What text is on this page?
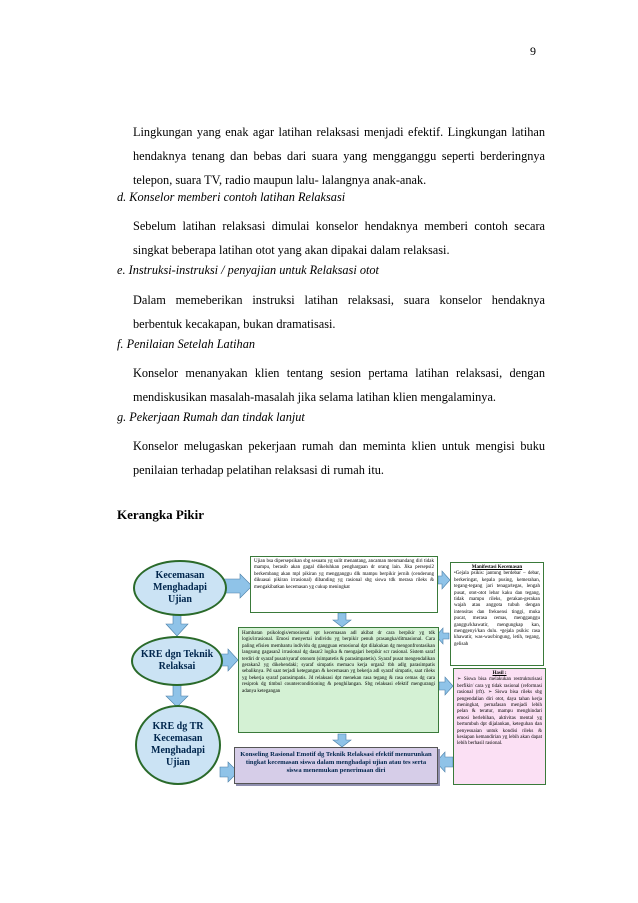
9
Lingkungan yang enak agar latihan relaksasi menjadi efektif. Lingkungan latihan hendaknya tenang dan bebas dari suara yang mengganggu seperti berderingnya telepon, suara TV, radio maupun lalu- lalangnya anak-anak.
d. Konselor memberi contoh latihan Relaksasi
Sebelum latihan relaksasi dimulai konselor hendaknya memberi contoh secara singkat beberapa latihan otot yang akan dipakai dalam relaksasi.
e. Instruksi-instruksi / penyajian untuk Relaksasi otot
Dalam memeberikan instruksi latihan relaksasi, suara konselor hendaknya berbentuk kecakapan, bukan dramatisasi.
f. Penilaian Setelah Latihan
Konselor menanyakan klien tentang sesion pertama latihan relaksasi, dengan mendiskusikan masalah-masalah jika selama latihan klien mengalaminya.
g. Pekerjaan Rumah dan tindak lanjut
Konselor melugaskan pekerjaan rumah dan meminta klien untuk mengisi buku penilaian terhadap pelatihan relaksasi di rumah itu.
Kerangka Pikir
Kecemasan Menghadapi Ujian
KRE dgn Teknik Relaksai
KRE dg TR Kecemasan Menghadapi Ujian
Ujian bsa dipersepsikan sbg sesuatu yg sulit menantang, ancaman menmandang diri tidak mampu, berasib akan gagal dikeluhkan penghargaan dr orang lain. Jika persepsi2 berkembang akan mpl pikiran yg mengganggu dlk mampu berpikir jernih (cenderung dikuasai pikiran irrasional) dibanding yg rasional sbg siswa tdk merasa rileks & mengakibatkan kecemasan yg cukup meningkat
Hambatan psikologis/emosional spt kecemasan adl akibat dr cara berpikir yg tdk logis/irrasional. Emosi menyertai individu yg berpikir penuh prasangka/ditmasional. Cara paling efisien membantu individu dg gangguan emosional dpt dilakukan dg mengonfrontasikan langsung gagasan2 irrasional dg dasar2 logika & mengajari berpikir scr rasional. Sistem saraf terdiri dr syaraf pusat/syaraf otonom (simpatetis & parasimpatetis). Syaraf pusat mengendalikan gerakan2 yg dikehendaki; syaraf simpatis memacu kerja organ2 tbh adlg parasimpatis sebaliknya. Pd saat terjadi ketegangan & kecemasan yg bekerja adl syaraf simpatis, saat rileks yg bekerja syaraf parasimpatis. Jd relaksasi dpt menekan rasa tegang & rasa cemas dg cara resiprok dg timbul counterconditioning & penghilangan. Sbg relaksasi efektif mengurangi adanya ketegangan
Manifestasi Kecemasan
•Gejala psikis: jantung berdebar – debar, berkeringat, kepala pusing, kemerahan, tegang-tegang jari tenaga/tegas, lengah pusat, otot-otot lebar kaku dan tegang, tidak mampu rileks, gerakan-gerakan wajah atau anggota tubuh dengan intensitas dan frekuensi tinggi, muka pucat, merasa cemas, mengganggu ganggu/khawatir, mengungkap kan, menggenyi/kan dulu. •gejala psikis: rasa khawatir, was-was/bingung, letih, tegang, gelisah
Hasil :
➢ Siswa bisa melakukan restrukturisasi berfikir/ cara yg tidak rasional (reformasi rasional (rft). ➢ Siswa bisa rileks sbg pengendalian diri otot, daya tahan kerja meningkat, pernafasan menjadi lebih pelan & teratur, mampu menghindari emosi berlebihan, aktivitas mental yg bertumbuh dpt dijalankan, keteguhan dan penyesuaian untuk kondisi rileks & kesiapan kemandirian yg lebih akan dapat lebih berhasil rasional.
Konseling Rasional Emotif dg Teknik Relaksasi efektif menurunkan tingkat kecemasan siswa dalam menghadapi ujian atau tes serta siswa menemukan penerimaan diri
